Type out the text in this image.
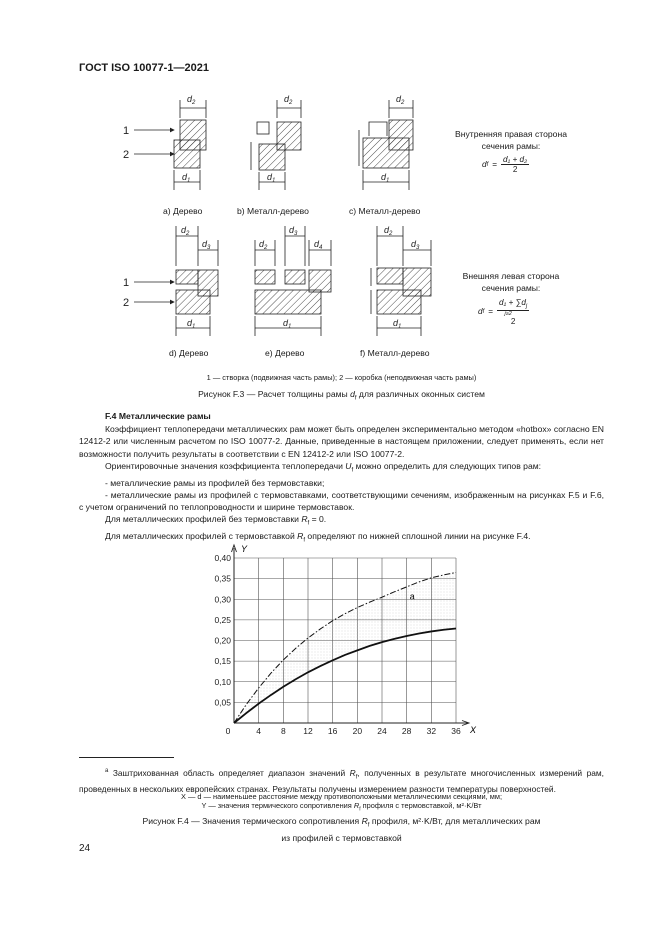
ГОСТ ISO 10077-1—2021
1
2
1
2
$d_2$
$d_1$
$d_2$
$d_1$
$d_2$
$d_1$
$d_2$
$d_3$
$d_1$
$d_2$
$d_3$
$d_4$
$d_1$
$d_2$
$d_3$
$d_1$
a) Дерево	b) Металл-дерево	c) Металл-дерево
d) Дерево	e) Дерево	f) Металл-дерево
Внутренняя правая сторона
сечения рамы:
d $f = \frac{\text{d₁ + d₂}}{2}$
Внешняя левая сторона
сечения рамы:
d f =
$d_1 + \sum d_j$
j≥2
2
1 — створка (подвижная часть рамы); 2 — коробка (неподвижная часть рамы)
Рисунок F.3 — Расчет толщины рамы $d_f$ для различных оконных систем

F.4 Металлические рамы

Коэффициент теплопередачи металлических рам может быть определен экспериментально методом «hotbox» согласно EN 12412-2 или численным расчетом по ISO 10077-2. Данные, приведенные в настоящем приложении, следует применять, если нет возможности получить результаты в соответствии с EN 12412-2 или ISO 10077-2.

Ориентировочные значения коэффициента теплопередачи $U_f$ можно определить для следующих типов рам:

- металлические рамы из профилей без термовставки;

- металлические рамы из профилей с термовставками, соответствующими сечениям, изображенным на рисунках F.5 и F.6, с учетом ограничений по теплопроводности и ширине термовставок.

Для металлических профилей без термовставки $R_f = 0$.

Для металлических профилей с термовставкой $R_f$ определяют по нижней сплошной линии на рисунке F.4.

0	4 8 12 16 20 24 28 32 36
0,05
0,10
0,15
0,20
0,25
0,30
0,35
0,40
Y
X
a

$^a$ Заштрихованная область определяет диапазон значений $R_f$, полученных в результате многочисленных измерений рам, проведенных в нескольких европейских странах. Результаты получены измерением разности температуры поверхностей.

X — d — наименьшее расстояние между противоположными металлическими секциями, мм;
Y — значения термического сопротивления $R_f$ профиля с термовставкой, м²·K/Вт
Рисунок F.4 — Значения термического сопротивления $R_f$ профиля, м²·K/Вт, для металлических рам
из профилей с термовставкой
24
